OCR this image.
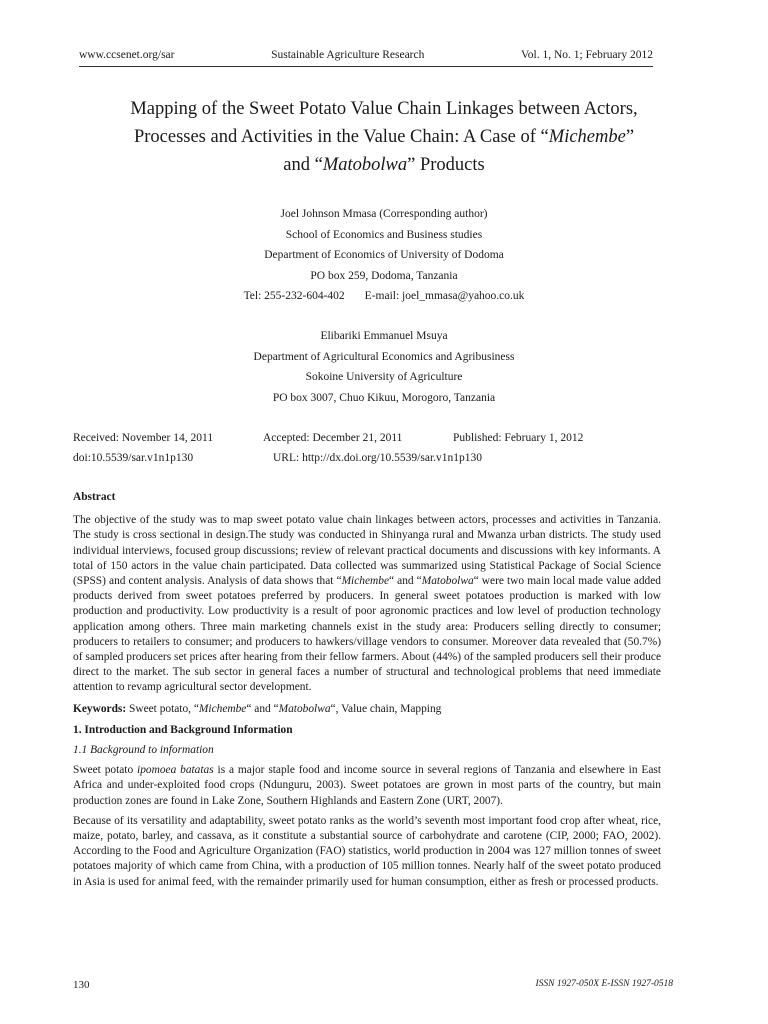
www.ccsenet.org/sar	Sustainable Agriculture Research	Vol. 1, No. 1; February 2012
Mapping of the Sweet Potato Value Chain Linkages between Actors,
Processes and Activities in the Value Chain: A Case of “Michembe”
and “Matobolwa” Products
Joel Johnson Mmasa (Corresponding author)
School of Economics and Business studies
Department of Economics of University of Dodoma
PO box 259, Dodoma, Tanzania
Tel: 255-232-604-402 E-mail: joel_mmasa@yahoo.co.uk
Elibariki Emmanuel Msuya
Department of Agricultural Economics and Agribusiness
Sokoine University of Agriculture
PO box 3007, Chuo Kikuu, Morogoro, Tanzania
Received: November 14, 2011	Accepted: December 21, 2011	Published: February 1, 2012
doi:10.5539/sar.v1n1p130	URL: http://dx.doi.org/10.5539/sar.v1n1p130
Abstract
The objective of the study was to map sweet potato value chain linkages between actors, processes and activities in Tanzania. The study is cross sectional in design.The study was conducted in Shinyanga rural and Mwanza urban districts. The study used individual interviews, focused group discussions; review of relevant practical documents and discussions with key informants. A total of 150 actors in the value chain participated. Data collected was summarized using Statistical Package of Social Science (SPSS) and content analysis. Analysis of data shows that “Michembe“ and “Matobolwa“ were two main local made value added products derived from sweet potatoes preferred by producers. In general sweet potatoes production is marked with low production and productivity. Low productivity is a result of poor agronomic practices and low level of production technology application among others. Three main marketing channels exist in the study area: Producers selling directly to consumer; producers to retailers to consumer; and producers to hawkers/village vendors to consumer. Moreover data revealed that (50.7%) of sampled producers set prices after hearing from their fellow farmers. About (44%) of the sampled producers sell their produce direct to the market. The sub sector in general faces a number of structural and technological problems that need immediate attention to revamp agricultural sector development.
Keywords: Sweet potato, “Michembe“ and “Matobolwa“, Value chain, Mapping
1. Introduction and Background Information
1.1 Background to information
Sweet potato ipomoea batatas is a major staple food and income source in several regions of Tanzania and elsewhere in East Africa and under-exploited food crops (Ndunguru, 2003). Sweet potatoes are grown in most parts of the country, but main production zones are found in Lake Zone, Southern Highlands and Eastern Zone (URT, 2007).
Because of its versatility and adaptability, sweet potato ranks as the world’s seventh most important food crop after wheat, rice, maize, potato, barley, and cassava, as it constitute a substantial source of carbohydrate and carotene (CIP, 2000; FAO, 2002). According to the Food and Agriculture Organization (FAO) statistics, world production in 2004 was 127 million tonnes of sweet potatoes majority of which came from China, with a production of 105 million tonnes. Nearly half of the sweet potato produced in Asia is used for animal feed, with the remainder primarily used for human consumption, either as fresh or processed products.
130	ISSN 1927-050X E-ISSN 1927-0518
